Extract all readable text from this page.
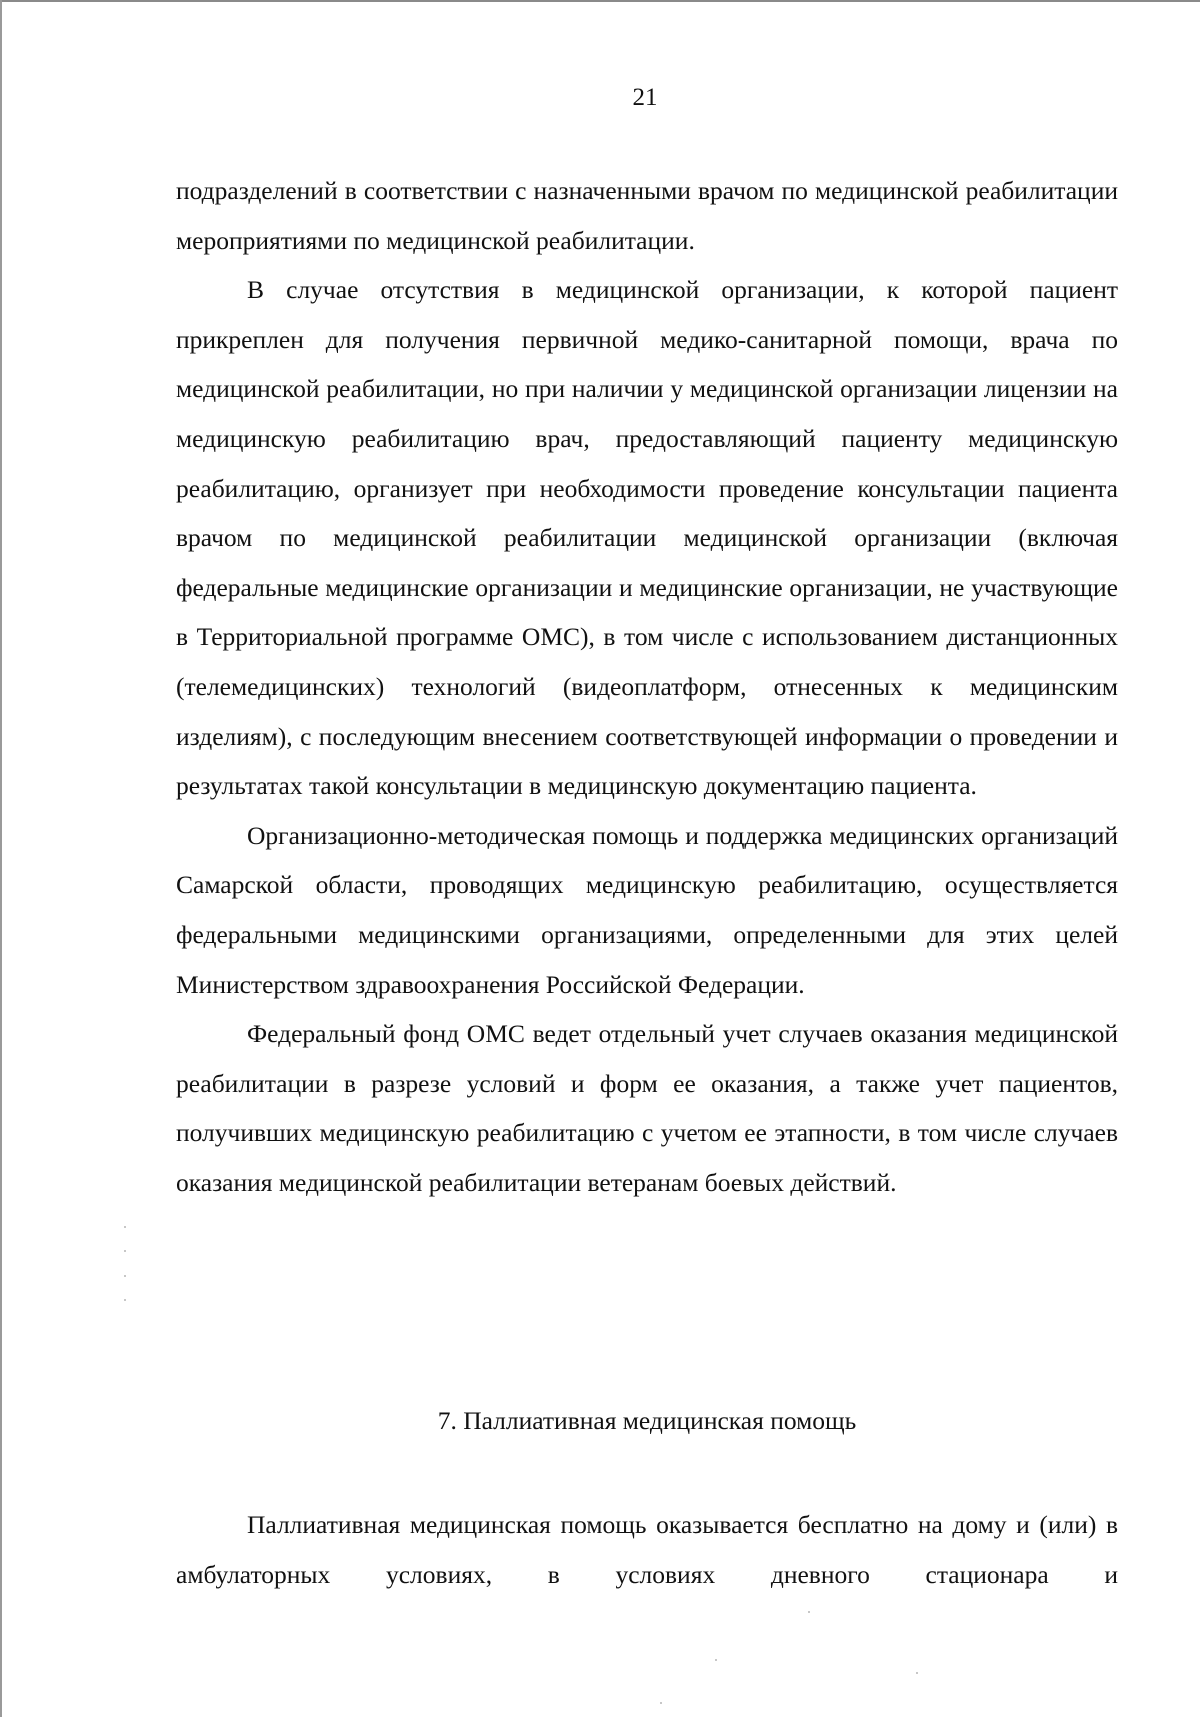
21

подразделений в соответствии с назначенными врачом по медицинской реабилитации мероприятиями по медицинской реабилитации.

В случае отсутствия в медицинской организации, к которой пациент прикреплен для получения первичной медико-санитарной помощи, врача по медицинской реабилитации, но при наличии у медицинской организации лицензии на медицинскую реабилитацию врач, предоставляющий пациенту медицинскую реабилитацию, организует при необходимости проведение консультации пациента врачом по медицинской реабилитации медицинской организации (включая федеральные медицинские организации и медицинские организации, не участвующие в Территориальной программе ОМС), в том числе с использованием дистанционных (телемедицинских) технологий (видеоплатформ, отнесенных к медицинским изделиям), с последующим внесением соответствующей информации о проведении и результатах такой консультации в медицинскую документацию пациента.

Организационно-методическая помощь и поддержка медицинских организаций Самарской области, проводящих медицинскую реабилитацию, осуществляется федеральными медицинскими организациями, определенными для этих целей Министерством здравоохранения Российской Федерации.

Федеральный фонд ОМС ведет отдельный учет случаев оказания медицинской реабилитации в разрезе условий и форм ее оказания, а также учет пациентов, получивших медицинскую реабилитацию с учетом ее этапности, в том числе случаев оказания медицинской реабилитации ветеранам боевых действий.

7. Паллиативная медицинская помощь

Паллиативная медицинская помощь оказывается бесплатно на дому и (или) в амбулаторных условиях, в условиях дневного стационара и
